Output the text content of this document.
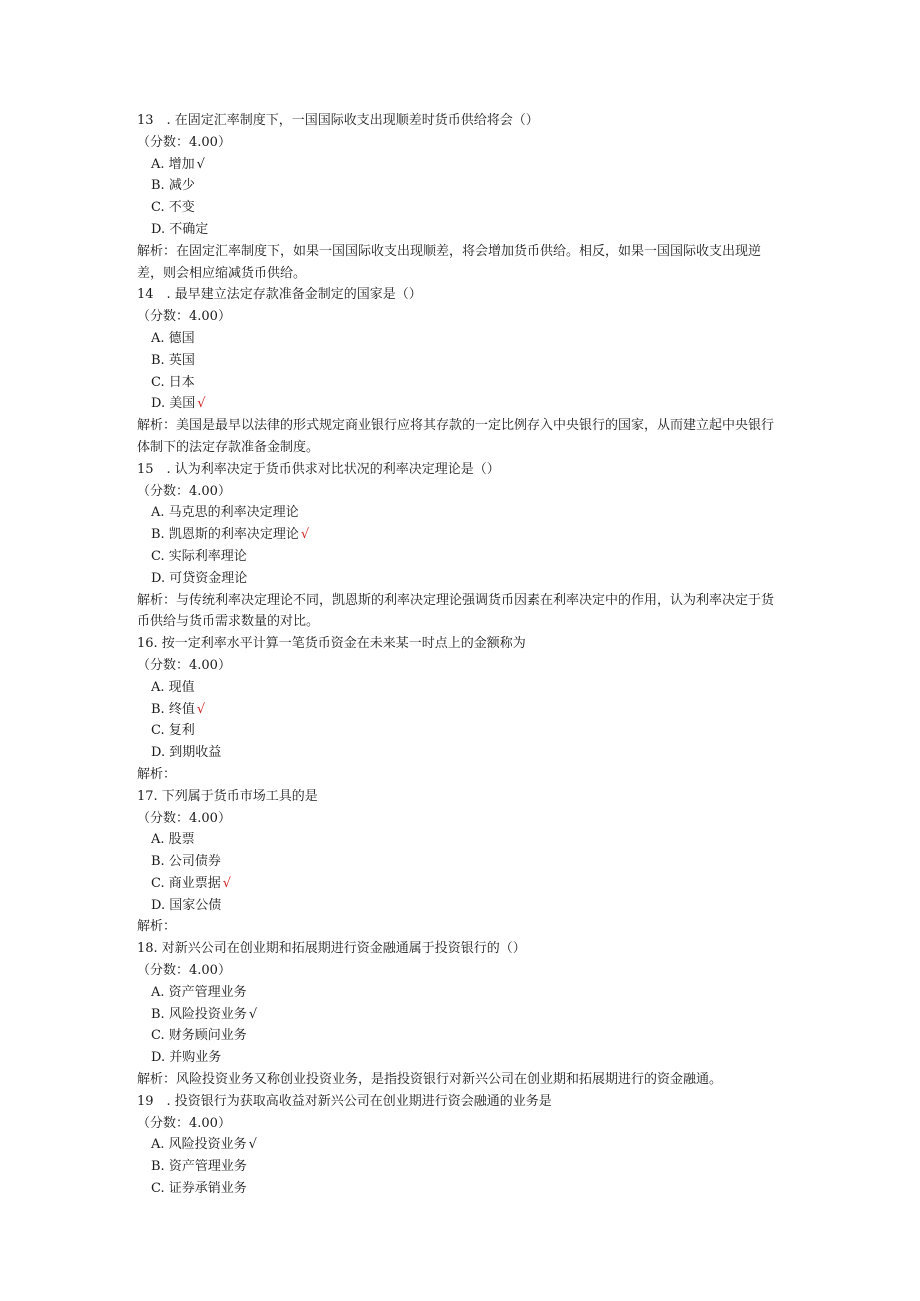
13　. 在固定汇率制度下，一国国际收支出现顺差时货币供给将会（）
（分数：4.00）
A. 增加 √
B. 减少
C. 不变
D. 不确定
解析：在固定汇率制度下，如果一国国际收支出现顺差，将会增加货币供给。相反，如果一国国际收支出现逆差，则会相应缩减货币供给。
14　. 最早建立法定存款准备金制定的国家是（）
（分数：4.00）
A. 德国
B. 英国
C. 日本
D. 美国 √
解析：美国是最早以法律的形式规定商业银行应将其存款的一定比例存入中央银行的国家，从而建立起中央银行体制下的法定存款准备金制度。
15　. 认为利率决定于货币供求对比状况的利率决定理论是（）
（分数：4.00）
A. 马克思的利率决定理论
B. 凯恩斯的利率决定理论 √
C. 实际利率理论
D. 可贷资金理论
解析：与传统利率决定理论不同，凯恩斯的利率决定理论强调货币因素在利率决定中的作用，认为利率决定于货币供给与货币需求数量的对比。
16. 按一定利率水平计算一笔货币资金在未来某一时点上的金额称为
（分数：4.00）
A. 现值
B. 终值 √
C. 复利
D. 到期收益
解析：
17. 下列属于货币市场工具的是
（分数：4.00）
A. 股票
B. 公司债券
C. 商业票据 √
D. 国家公债
解析：
18. 对新兴公司在创业期和拓展期进行资金融通属于投资银行的（）
（分数：4.00）
A. 资产管理业务
B. 风险投资业务 √
C. 财务顾问业务
D. 并购业务
解析：风险投资业务又称创业投资业务，是指投资银行对新兴公司在创业期和拓展期进行的资金融通。
19　. 投资银行为获取高收益对新兴公司在创业期进行资会融通的业务是
（分数：4.00）
A. 风险投资业务 √
B. 资产管理业务
C. 证券承销业务
